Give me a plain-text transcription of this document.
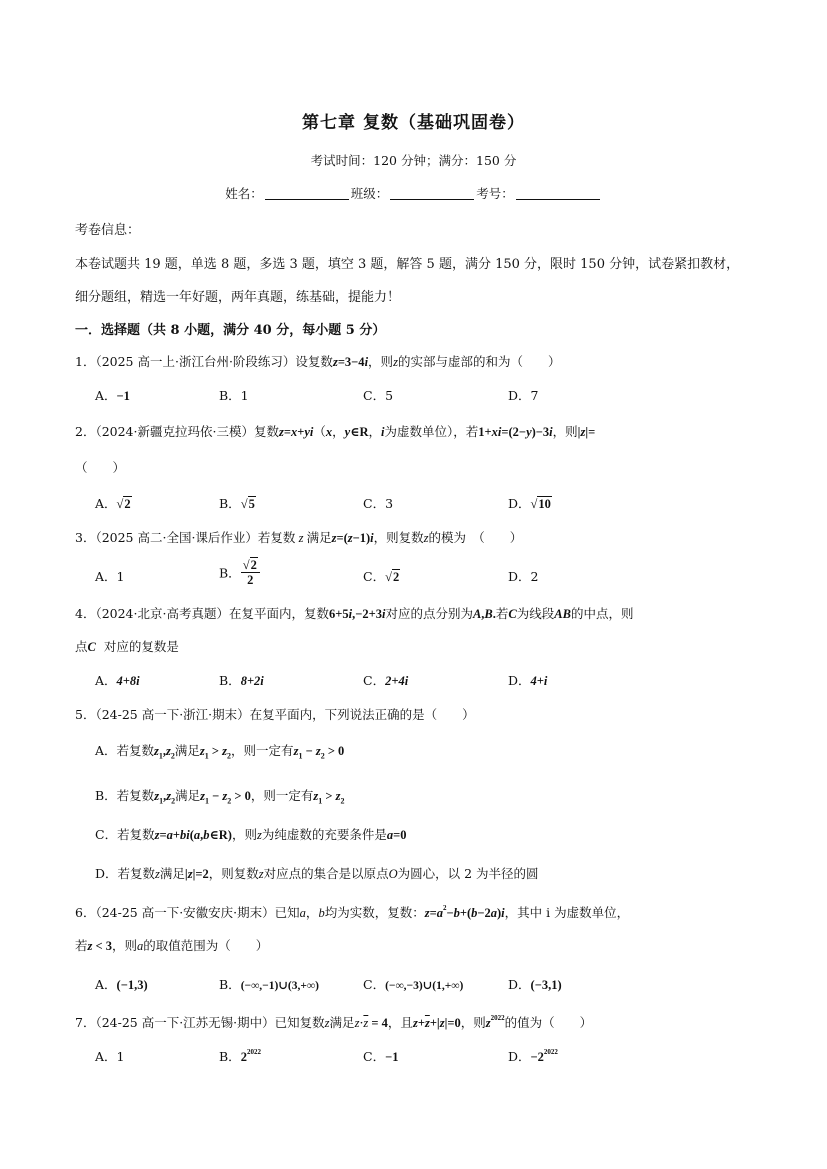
第七章 复数（基础巩固卷）
考试时间：120 分钟；满分：150 分
姓名：	班级：	考号：
考卷信息：
本卷试题共 19 题，单选 8 题，多选 3 题，填空 3 题，解答 5 题，满分 150 分，限时 150 分钟，试卷紧扣教材，
细分题组，精选一年好题，两年真题，练基础，提能力！
一．选择题（共 8 小题，满分 40 分，每小题 5 分）
1．（2025 高一上·浙江台州·阶段练习）设复数z=3−4i，则z的实部与虚部的和为（　　）
A．−1	B．1	C．5	D．7
2．（2024·新疆克拉玛依·三模）复数z=x+yi（x，y∈R，i为虚数单位），若1+xi=(2−y)−3i，则|z|=
（　　）
A．√2	B．√5	C．3	D．√10
3．（2025 高二·全国·课后作业）若复数 z 满足z=(z−1)i，则复数z的模为　（　　）
A．1	B． $\frac{√2}{2}$	C．√2	D．2
4．（2024·北京·高考真题）在复平面内，复数6+5i,−2+3i对应的点分别为A,B.若C为线段AB的中点，则
点C 对应的复数是
A．4+8i	B．8+2i	C．2+4i	D．4+i
5．（24-25 高一下·浙江·期末）在复平面内，下列说法正确的是（　　）
A．若复数$z_1,z_2$满足$z_1 > z_2$，则一定有$z_1 - z_2 > 0$
B．若复数$z_1,z_2$满足$z_1 - z_2 > 0$，则一定有$z_1 > z_2$
C．若复数z=a+bi(a,b∈R)，则z为纯虚数的充要条件是a=0
D．若复数z满足|z|=2，则复数z对应点的集合是以原点O为圆心，以 2 为半径的圆
6．（24-25 高一下·安徽安庆·期末）已知a，b均为实数，复数：$z=a^2-b+(b-2a)i$，其中 i 为虚数单位，
若z < 3，则a的取值范围为（　　）
A．(−1,3)	B．(−∞,−1)∪(3,+∞)	C．(−∞,−3)∪(1,+∞)	D．(−3,1)
7．（24-25 高一下·江苏无锡·期中）已知复数z满足$z\cdot\overline{z} = 4$，且$z+\overline{z}+|z|=0$，则$z^{2022}$的值为（　　）
A．1	B．$2^{2022}$	C．−1	D．$-2^{2022}$
